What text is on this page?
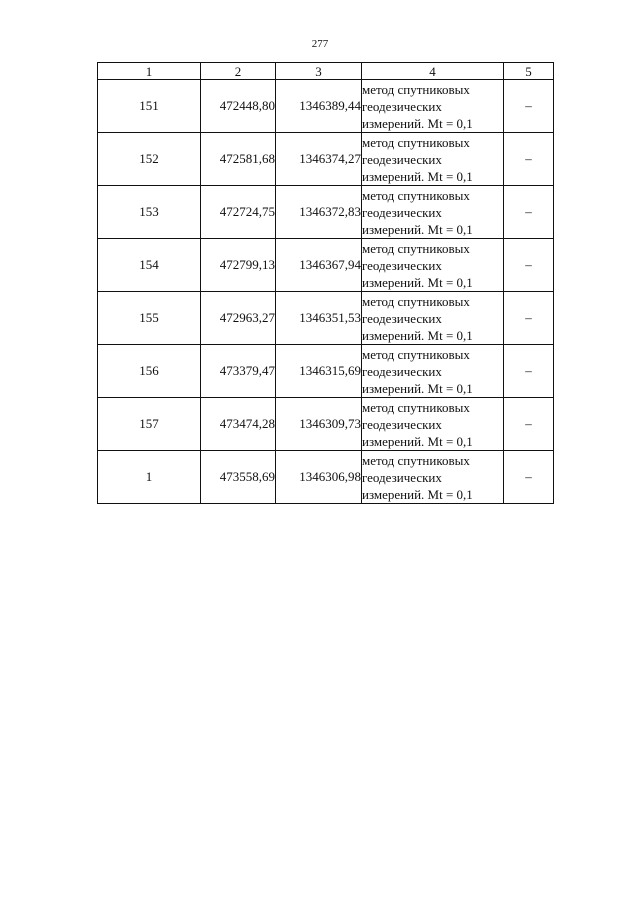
277
1	2	3	4	5
151	472448,80	1346389,44	метод спутниковых
геодезических
измерений. Mt = 0,1	–
152	472581,68	1346374,27	метод спутниковых
геодезических
измерений. Mt = 0,1	–
153	472724,75	1346372,83	метод спутниковых
геодезических
измерений. Mt = 0,1	–
154	472799,13	1346367,94	метод спутниковых
геодезических
измерений. Mt = 0,1	–
155	472963,27	1346351,53	метод спутниковых
геодезических
измерений. Mt = 0,1	–
156	473379,47	1346315,69	метод спутниковых
геодезических
измерений. Mt = 0,1	–
157	473474,28	1346309,73	метод спутниковых
геодезических
измерений. Mt = 0,1	–
1	473558,69	1346306,98	метод спутниковых
геодезических
измерений. Mt = 0,1	–
